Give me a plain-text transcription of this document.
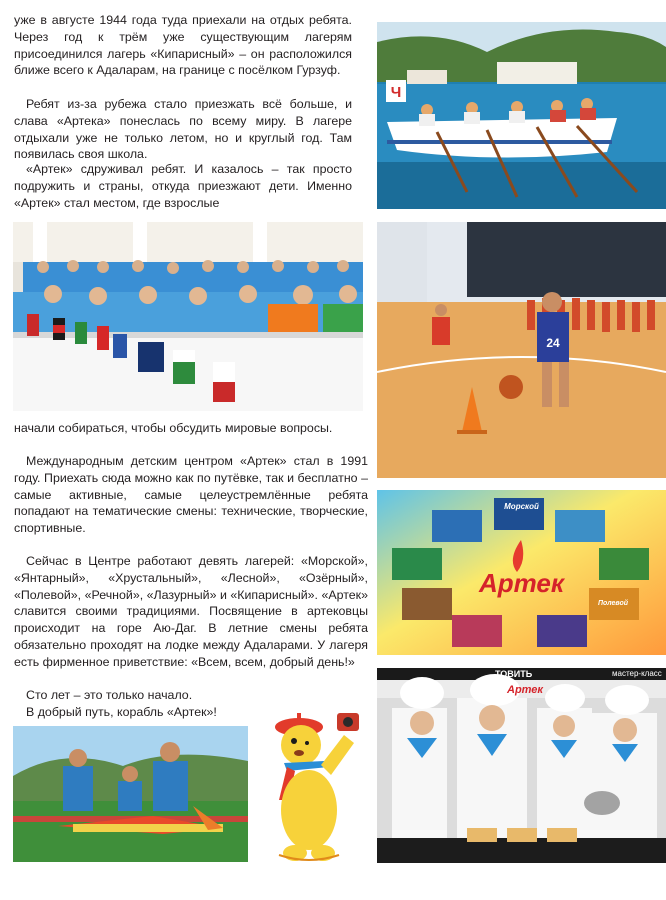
уже в августе 1944 года туда приехали на отдых ребята. Через год к трём уже существующим лагерям присоединился лагерь «Кипарисный» – он расположился ближе всего к Адаларам, на границе с посёлком Гурзуф.

Ребят из-за рубежа стало приезжать всё больше, и слава «Артека» понеслась по всему миру. В лагере отдыхали уже не только летом, но и круглый год. Там появилась своя школа.

«Артек» сдруживал ребят. И казалось – так просто подружить и страны, откуда приезжают дети. Именно «Артек» стал местом, где взрослые

начали собираться, чтобы обсудить мировые вопросы.

Международным детским центром «Артек» стал в 1991 году. Приехать сюда можно как по путёвке, так и бесплатно – самые активные, самые целеустремлённые ребята попадают на тематические смены: технические, творческие, спортивные.

Сейчас в Центре работают девять лагерей: «Морской», «Янтарный», «Хрустальный», «Лесной», «Озёрный», «Полевой», «Речной», «Лазурный» и «Кипарисный». «Артек» славится своими традициями. Посвящение в артековцы происходит на горе Аю-Даг. В летние смены ребята обязательно проходят на лодке между Адаларами. У лагеря есть фирменное приветствие: «Всем, всем, добрый день!»

Сто лет – это только начало.

В добрый путь, корабль «Артек»!

Ч
24
Артек
Морской
Полевой
ТОВИТЬ	мастер-класс
Артек
